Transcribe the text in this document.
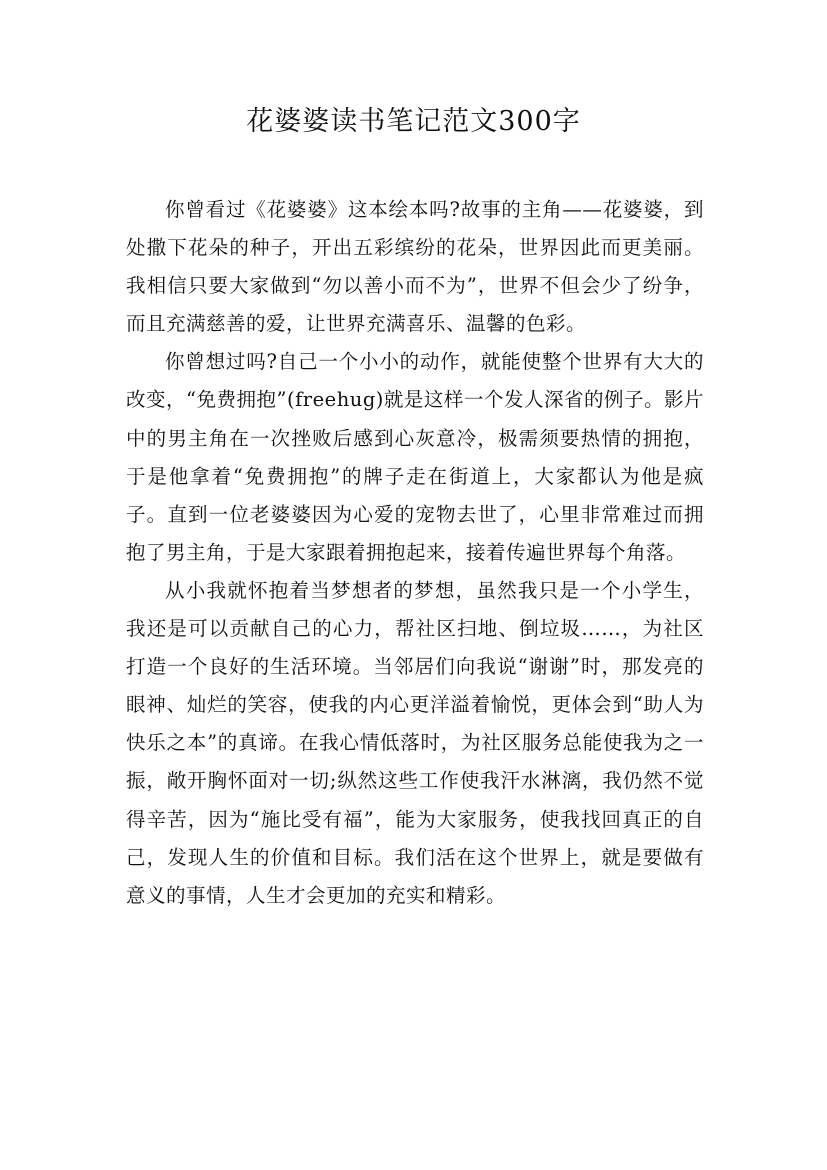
花婆婆读书笔记范文300字

你曾看过《花婆婆》这本绘本吗?故事的主角——花婆婆，到处撒下花朵的种子，开出五彩缤纷的花朵，世界因此而更美丽。我相信只要大家做到“勿以善小而不为”，世界不但会少了纷争，而且充满慈善的爱，让世界充满喜乐、温馨的色彩。

你曾想过吗?自己一个小小的动作，就能使整个世界有大大的改变，“免费拥抱”(freehug)就是这样一个发人深省的例子。影片中的男主角在一次挫败后感到心灰意冷，极需须要热情的拥抱，于是他拿着“免费拥抱”的牌子走在街道上，大家都认为他是疯子。直到一位老婆婆因为心爱的宠物去世了，心里非常难过而拥抱了男主角，于是大家跟着拥抱起来，接着传遍世界每个角落。

从小我就怀抱着当梦想者的梦想，虽然我只是一个小学生，我还是可以贡献自己的心力，帮社区扫地、倒垃圾……，为社区打造一个良好的生活环境。当邻居们向我说“谢谢”时，那发亮的眼神、灿烂的笑容，使我的内心更洋溢着愉悦，更体会到“助人为快乐之本”的真谛。在我心情低落时，为社区服务总能使我为之一振，敞开胸怀面对一切;纵然这些工作使我汗水淋漓，我仍然不觉得辛苦，因为“施比受有福”，能为大家服务，使我找回真正的自己，发现人生的价值和目标。我们活在这个世界上，就是要做有意义的事情，人生才会更加的充实和精彩。
